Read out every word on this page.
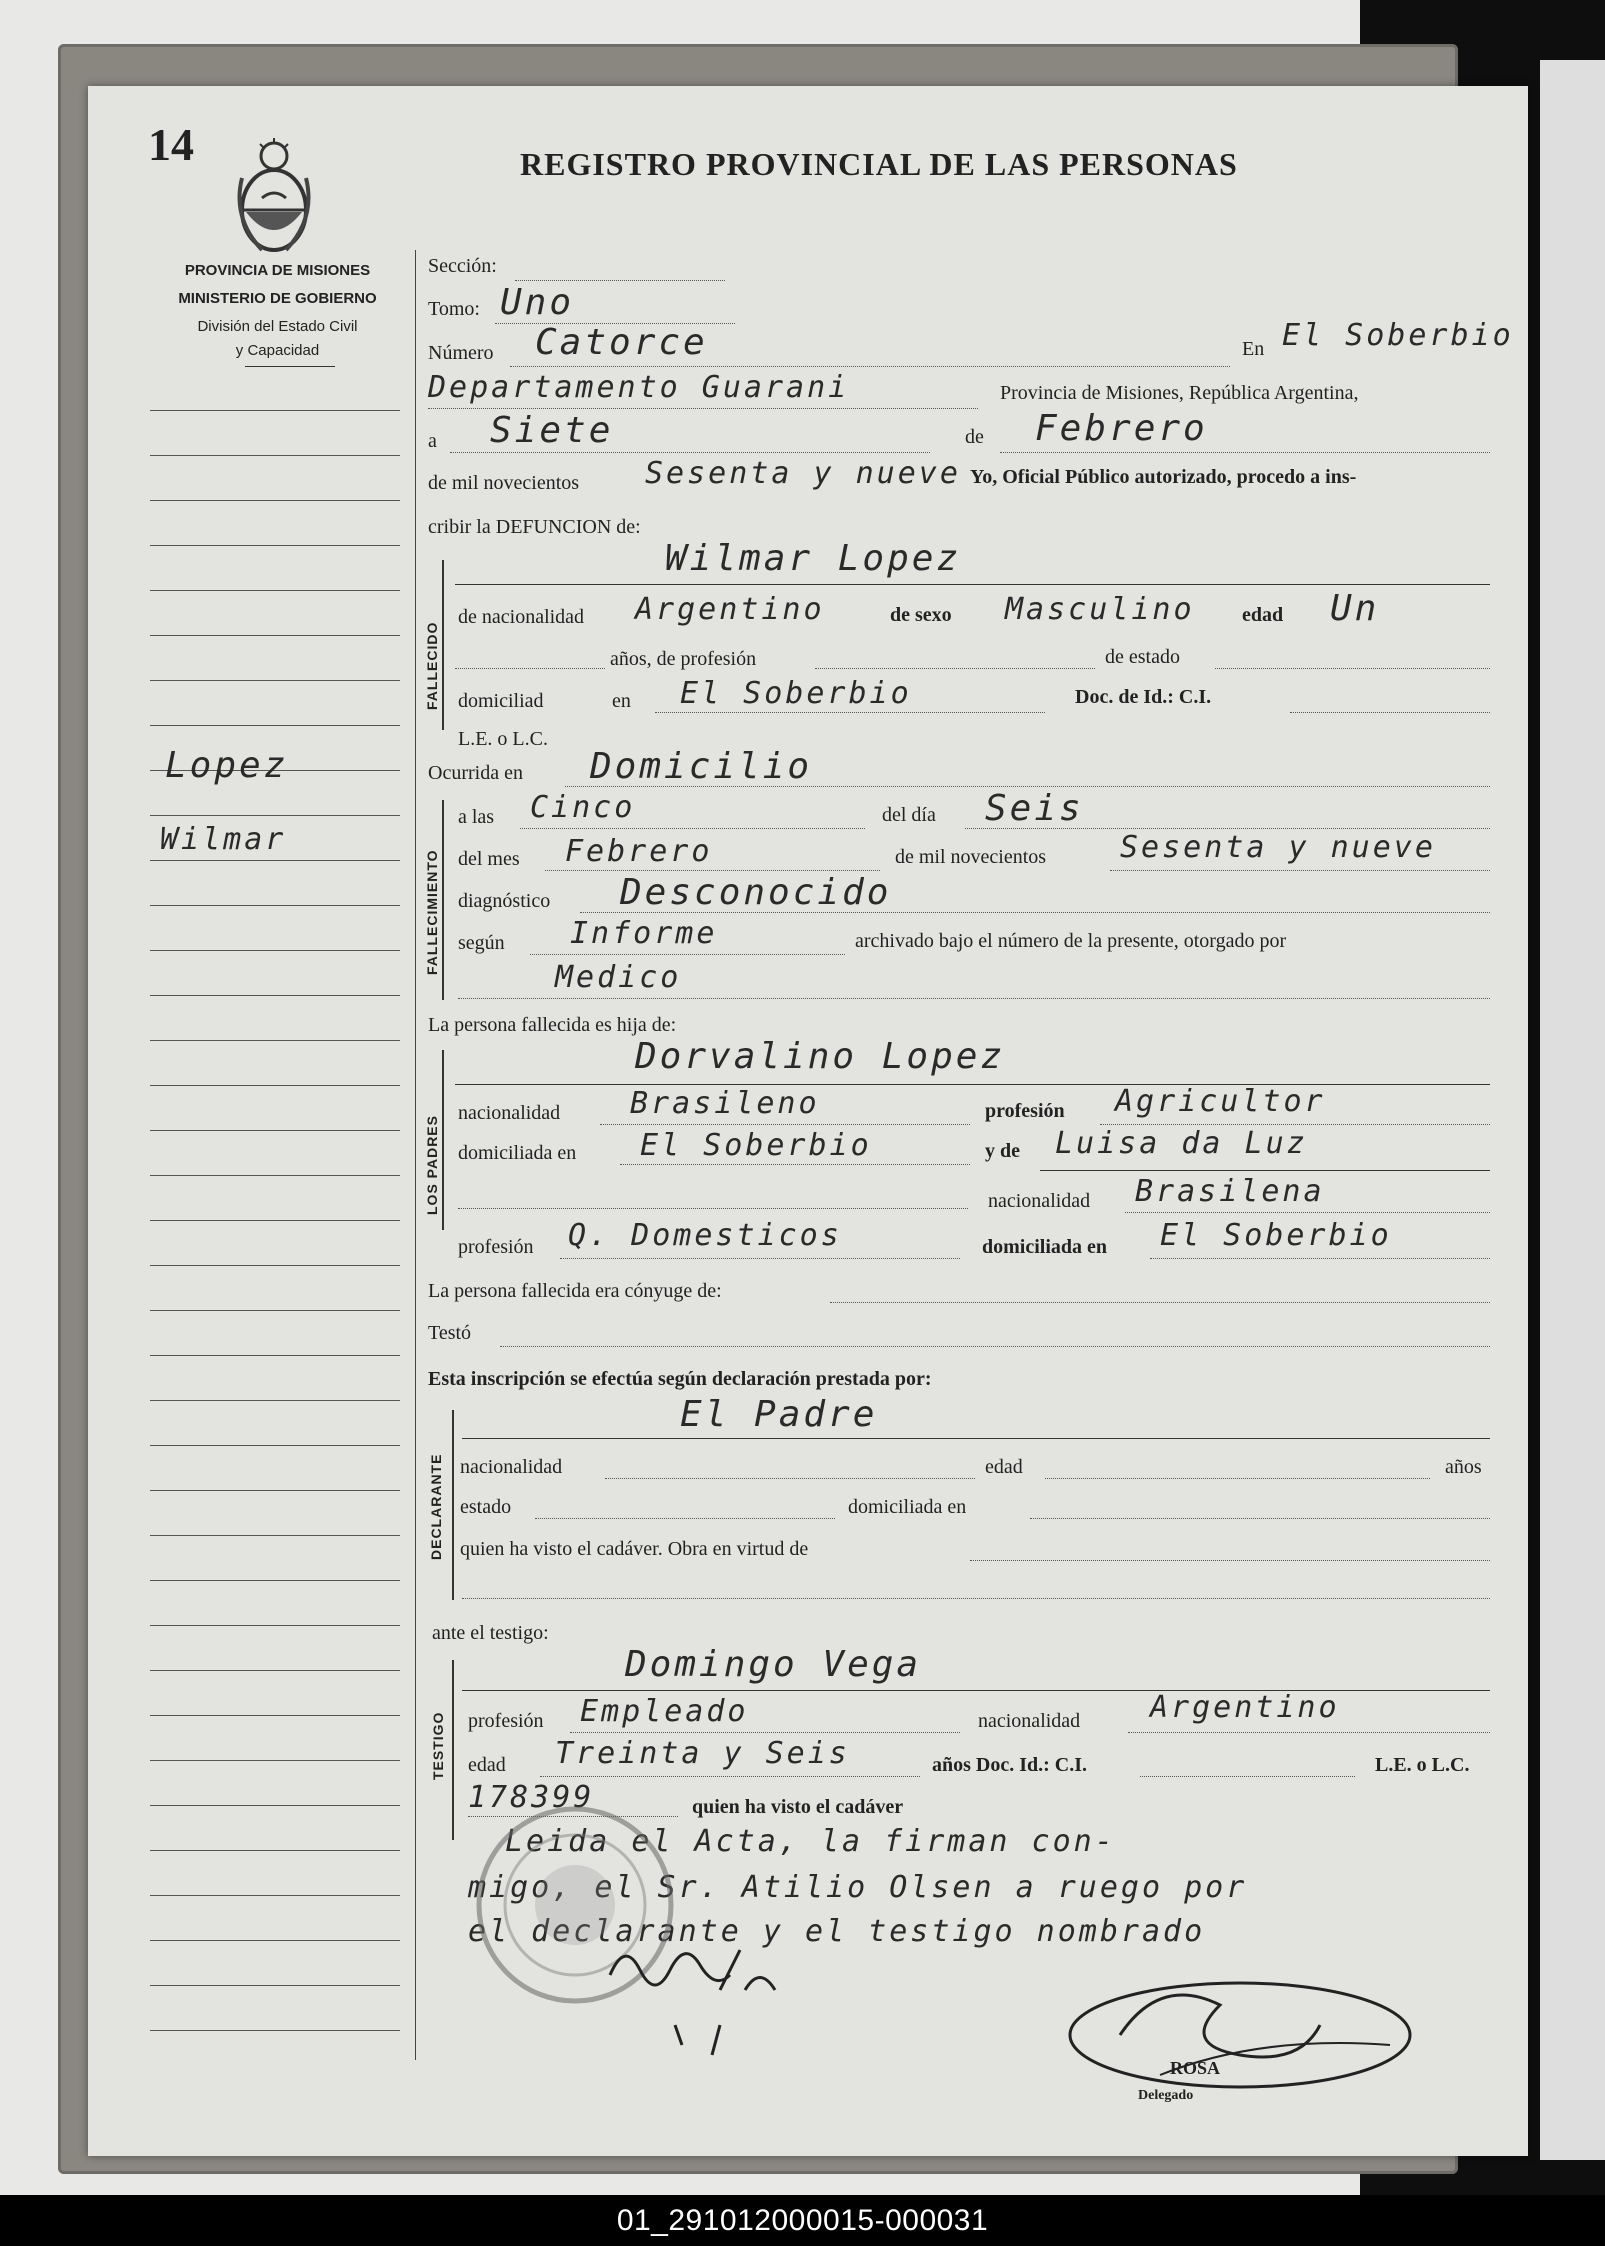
14	REGISTRO PROVINCIAL DE LAS PERSONAS
PROVINCIA DE MISIONES
MINISTERIO DE GOBIERNO
División del Estado Civil
y Capacidad
Lopez
Wilmar
Sección:
Tomo: Uno
Número Catorce	En El Soberbio
Departamento Guarani	Provincia de Misiones, República Argentina,
a Siete	de Febrero
de mil novecientos Sesenta y nueve Yo, Oficial Público autorizado, procedo a ins-
cribir la DEFUNCION de:
FALLECIDO
Wilmar Lopez
de nacionalidad Argentino	de sexo Masculino edad Un
años, de profesión	de estado
domiciliad	en El Soberbio	Doc. de Id.: C.I.
L.E. o L.C.
Ocurrida en Domicilio
FALLECIMIENTO
a las Cinco	del día Seis
del mes Febrero	de mil novecientos Sesenta y nueve
diagnóstico Desconocido
según Informe	archivado bajo el número de la presente, otorgado por
Medico
La persona fallecida es hija de:
LOS PADRES
Dorvalino Lopez
nacionalidad Brasileno	profesión Agricultor
domiciliada en El Soberbio	y de Luisa da Luz
nacionalidad Brasilena
profesión Q. Domesticos	domiciliada en El Soberbio
La persona fallecida era cónyuge de:
Testó
Esta inscripción se efectúa según declaración prestada por:
DECLARANTE
El Padre
nacionalidad	edad	años
estado	domiciliada en
quien ha visto el cadáver. Obra en virtud de
ante el testigo:
TESTIGO
Domingo Vega
profesión Empleado	nacionalidad Argentino
edad Treinta y Seis	años Doc. Id.: C.I.	L.E. o L.C.
178399	quien ha visto el cadáver
Leida el Acta, la firman con-
migo, el Sr. Atilio Olsen a ruego por
el declarante y el testigo nombrado
ROSA
Delegado
01_291012000015-000031
